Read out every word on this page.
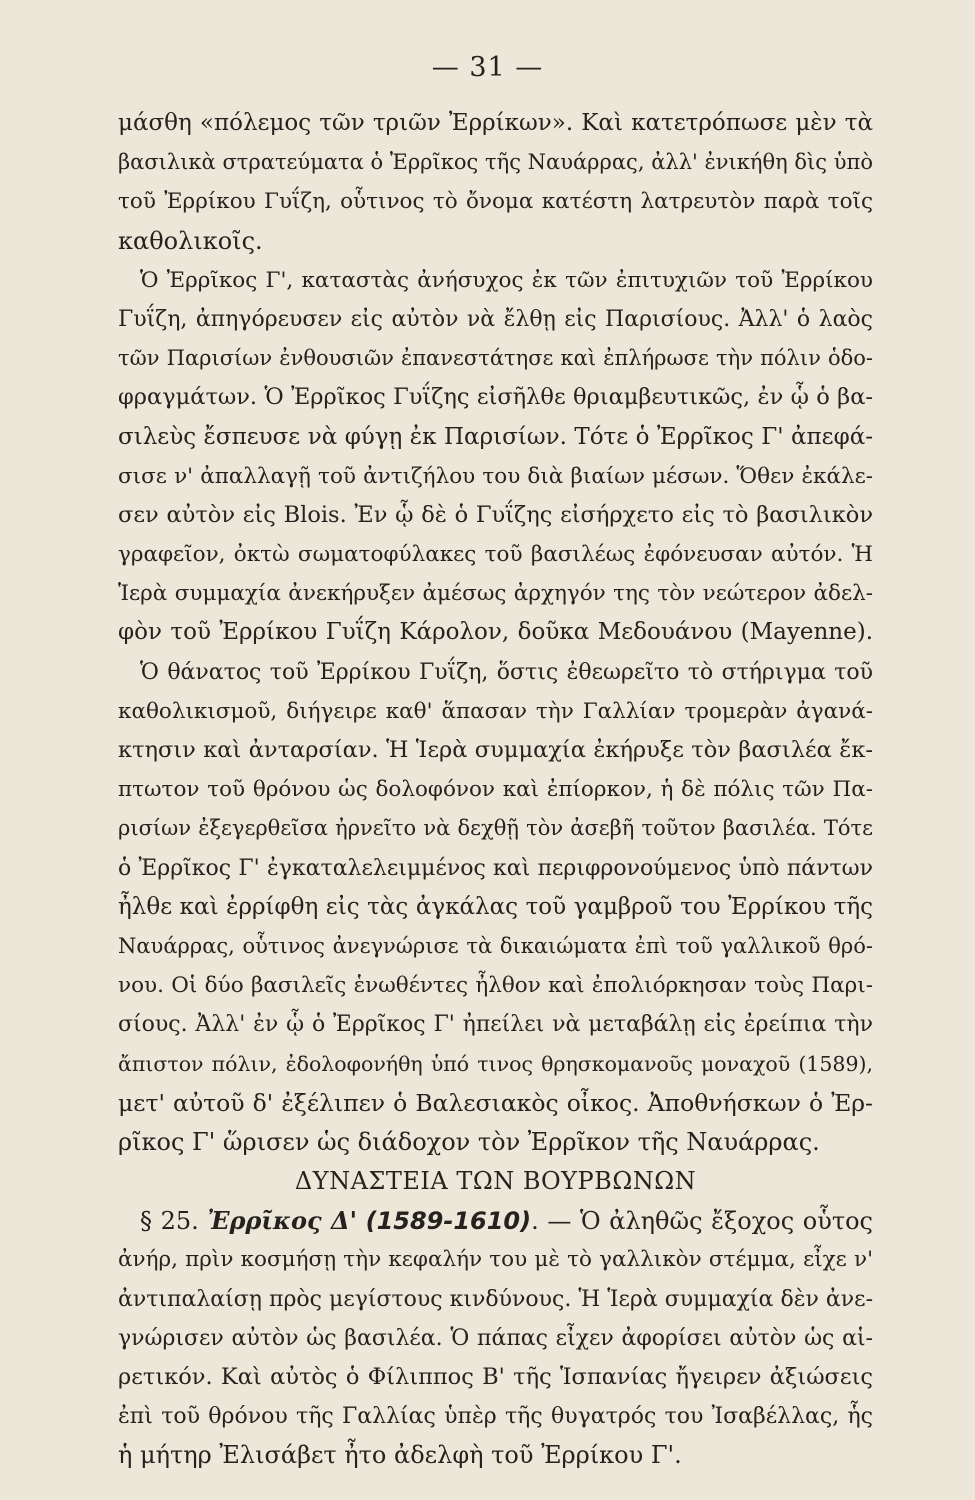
— 31 —
μάσθη «πόλεμος τῶν τριῶν Ἐρρίκων». Καὶ κατετρόπωσε μὲν τὰ
βασιλικὰ στρατεύματα ὁ Ἐρρῖκος τῆς Ναυάρρας, ἀλλ' ἐνικήθη δὶς ὑπὸ
τοῦ Ἐρρίκου Γυΐζη, οὗτινος τὸ ὄνομα κατέστη λατρευτὸν παρὰ τοῖς
καθολικοῖς.
Ὁ Ἐρρῖκος Γ', καταστὰς ἀνήσυχος ἐκ τῶν ἐπιτυχιῶν τοῦ Ἐρρίκου
Γυΐζη, ἀπηγόρευσεν εἰς αὐτὸν νὰ ἔλθῃ εἰς Παρισίους. Ἀλλ' ὁ λαὸς
τῶν Παρισίων ἐνθουσιῶν ἐπανεστάτησε καὶ ἐπλήρωσε τὴν πόλιν ὁδο-
φραγμάτων. Ὁ Ἐρρῖκος Γυΐζης εἰσῆλθε θριαμβευτικῶς, ἐν ᾧ ὁ βα-
σιλεὺς ἔσπευσε νὰ φύγῃ ἐκ Παρισίων. Τότε ὁ Ἐρρῖκος Γ' ἀπεφά-
σισε ν' ἀπαλλαγῇ τοῦ ἀντιζήλου του διὰ βιαίων μέσων. Ὅθεν ἐκάλε-
σεν αὐτὸν εἰς Blois. Ἐν ᾧ δὲ ὁ Γυΐζης εἰσήρχετο εἰς τὸ βασιλικὸν
γραφεῖον, ὀκτὼ σωματοφύλακες τοῦ βασιλέως ἐφόνευσαν αὐτόν. Ἡ
Ἱερὰ συμμαχία ἀνεκήρυξεν ἀμέσως ἀρχηγόν της τὸν νεώτερον ἀδελ-
φὸν τοῦ Ἐρρίκου Γυΐζη Κάρολον, δοῦκα Μεδουάνου (Mayenne).
Ὁ θάνατος τοῦ Ἐρρίκου Γυΐζη, ὅστις ἐθεωρεῖτο τὸ στήριγμα τοῦ
καθολικισμοῦ, διήγειρε καθ' ἅπασαν τὴν Γαλλίαν τρομερὰν ἀγανά-
κτησιν καὶ ἀνταρσίαν. Ἡ Ἱερὰ συμμαχία ἐκήρυξε τὸν βασιλέα ἔκ-
πτωτον τοῦ θρόνου ὡς δολοφόνον καὶ ἐπίορκον, ἡ δὲ πόλις τῶν Πα-
ρισίων ἐξεγερθεῖσα ἠρνεῖτο νὰ δεχθῇ τὸν ἀσεβῆ τοῦτον βασιλέα. Τότε
ὁ Ἐρρῖκος Γ' ἐγκαταλελειμμένος καὶ περιφρονούμενος ὑπὸ πάντων
ἦλθε καὶ ἐρρίφθη εἰς τὰς ἀγκάλας τοῦ γαμβροῦ του Ἐρρίκου τῆς
Ναυάρρας, οὗτινος ἀνεγνώρισε τὰ δικαιώματα ἐπὶ τοῦ γαλλικοῦ θρό-
νου. Οἱ δύο βασιλεῖς ἑνωθέντες ἦλθον καὶ ἐπολιόρκησαν τοὺς Παρι-
σίους. Ἀλλ' ἐν ᾧ ὁ Ἐρρῖκος Γ' ἠπείλει νὰ μεταβάλῃ εἰς ἐρείπια τὴν
ἄπιστον πόλιν, ἐδολοφονήθη ὑπό τινος θρησκομανοῦς μοναχοῦ (1589),
μετ' αὐτοῦ δ' ἐξέλιπεν ὁ Βαλεσιακὸς οἶκος. Ἀποθνήσκων ὁ Ἐρ-
ρῖκος Γ' ὥρισεν ὡς διάδοχον τὸν Ἐρρῖκον τῆς Ναυάρρας.
ΔΥΝΑΣΤΕΙΑ ΤΩΝ ΒΟΥΡΒΩΝΩΝ
§ 25. Ἐρρῖκος Δ' (1589-1610). — Ὁ ἀληθῶς ἔξοχος οὗτος
ἀνήρ, πρὶν κοσμήσῃ τὴν κεφαλήν του μὲ τὸ γαλλικὸν στέμμα, εἶχε ν'
ἀντιπαλαίσῃ πρὸς μεγίστους κινδύνους. Ἡ Ἱερὰ συμμαχία δὲν ἀνε-
γνώρισεν αὐτὸν ὡς βασιλέα. Ὁ πάπας εἶχεν ἀφορίσει αὐτὸν ὡς αἱ-
ρετικόν. Καὶ αὐτὸς ὁ Φίλιππος Β' τῆς Ἱσπανίας ἤγειρεν ἀξιώσεις
ἐπὶ τοῦ θρόνου τῆς Γαλλίας ὑπὲρ τῆς θυγατρός του Ἰσαβέλλας, ἧς
ἡ μήτηρ Ἐλισάβετ ἦτο ἀδελφὴ τοῦ Ἐρρίκου Γ'.
